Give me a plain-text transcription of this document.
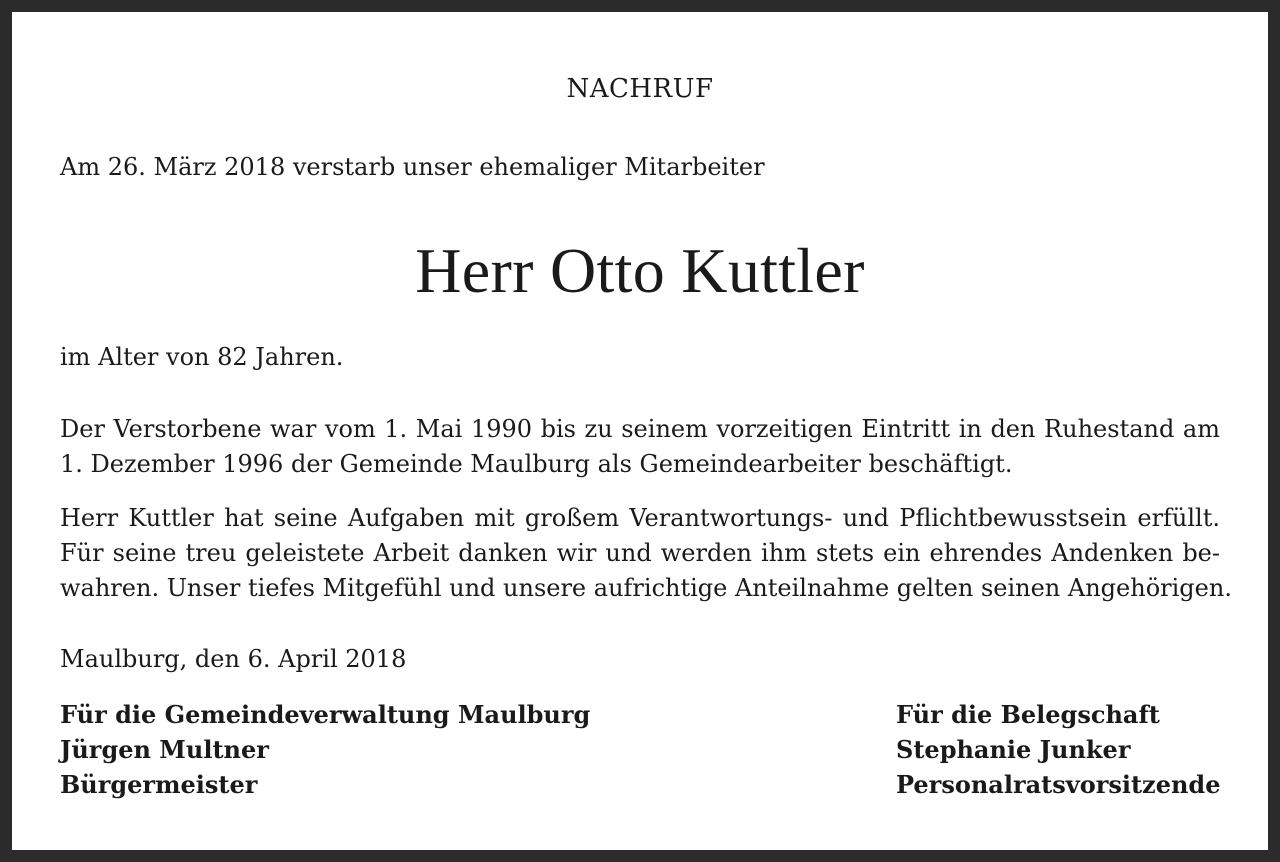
NACHRUF
Am 26. März 2018 verstarb unser ehemaliger Mitarbeiter
Herr Otto Kuttler
im Alter von 82 Jahren.
Der Verstorbene war vom 1. Mai 1990 bis zu seinem vorzeitigen Eintritt in den Ruhestand am
1. Dezember 1996 der Gemeinde Maulburg als Gemeindearbeiter beschäftigt.
Herr Kuttler hat seine Aufgaben mit großem Verantwortungs- und Pflichtbewusstsein erfüllt.
Für seine treu geleistete Arbeit danken wir und werden ihm stets ein ehrendes Andenken be-
wahren. Unser tiefes Mitgefühl und unsere aufrichtige Anteilnahme gelten seinen Angehörigen.
Maulburg, den 6. April 2018
Für die Gemeindeverwaltung Maulburg
Jürgen Multner
Bürgermeister
Für die Belegschaft
Stephanie Junker
Personalratsvorsitzende
